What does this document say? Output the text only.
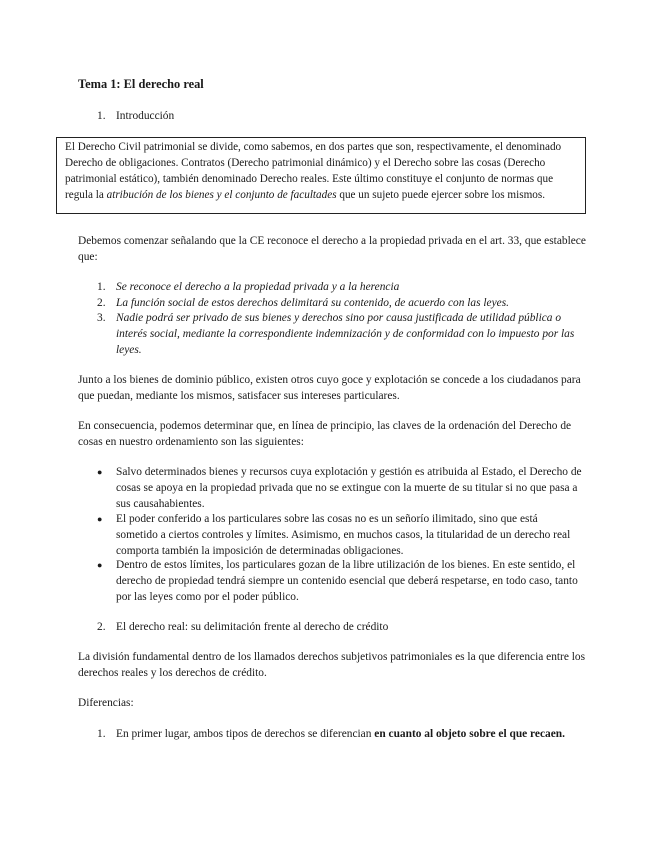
Tema 1: El derecho real
1. Introducción
El Derecho Civil patrimonial se divide, como sabemos, en dos partes que son, respectivamente, el denominado Derecho de obligaciones. Contratos (Derecho patrimonial dinámico) y el Derecho sobre las cosas (Derecho patrimonial estático), también denominado Derecho reales. Este último constituye el conjunto de normas que regula la atribución de los bienes y el conjunto de facultades que un sujeto puede ejercer sobre los mismos.
Debemos comenzar señalando que la CE reconoce el derecho a la propiedad privada en el art. 33, que establece que:
1. Se reconoce el derecho a la propiedad privada y a la herencia
2. La función social de estos derechos delimitará su contenido, de acuerdo con las leyes.
3. Nadie podrá ser privado de sus bienes y derechos sino por causa justificada de utilidad pública o interés social, mediante la correspondiente indemnización y de conformidad con lo impuesto por las leyes.
Junto a los bienes de dominio público, existen otros cuyo goce y explotación se concede a los ciudadanos para que puedan, mediante los mismos, satisfacer sus intereses particulares.
En consecuencia, podemos determinar que, en línea de principio, las claves de la ordenación del Derecho de cosas en nuestro ordenamiento son las siguientes:
●	Salvo determinados bienes y recursos cuya explotación y gestión es atribuida al Estado, el Derecho de cosas se apoya en la propiedad privada que no se extingue con la muerte de su titular si no que pasa a sus causahabientes.
●	El poder conferido a los particulares sobre las cosas no es un señorío ilimitado, sino que está sometido a ciertos controles y límites. Asimismo, en muchos casos, la titularidad de un derecho real comporta también la imposición de determinadas obligaciones.
●	Dentro de estos límites, los particulares gozan de la libre utilización de los bienes. En este sentido, el derecho de propiedad tendrá siempre un contenido esencial que deberá respetarse, en todo caso, tanto por las leyes como por el poder público.
2. El derecho real: su delimitación frente al derecho de crédito
La división fundamental dentro de los llamados derechos subjetivos patrimoniales es la que diferencia entre los derechos reales y los derechos de crédito.
Diferencias:
1. En primer lugar, ambos tipos de derechos se diferencian en cuanto al objeto sobre el que recaen.
